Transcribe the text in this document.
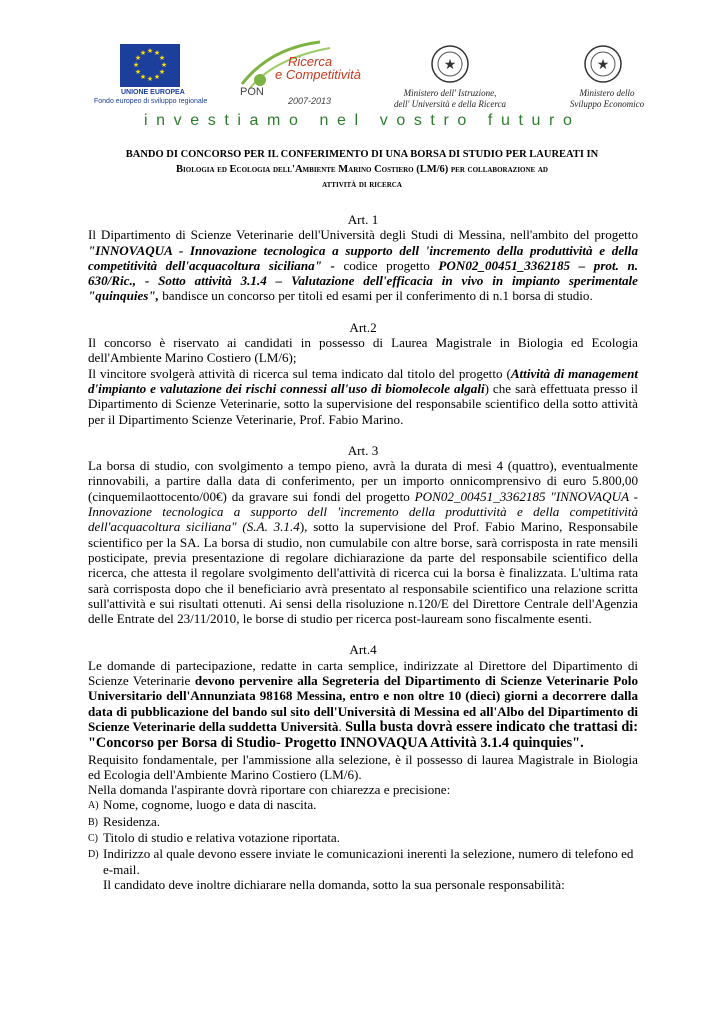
★ ★
★
★
★
★
★
★
★
★
★
★
UNIONE EUROPEA
Fondo europeo di sviluppo regionale
Ricerca
e Competitività
PON
2007-2013
★
Ministero dell' Istruzione,
dell' Università e della Ricerca
★
Ministero dello
Sviluppo Economico
investiamo nel vostro futuro
BANDO DI CONCORSO PER IL CONFERIMENTO DI UNA BORSA DI STUDIO PER LAUREATI IN
Biologia ed Ecologia dell'Ambiente Marino Costiero (LM/6) per collaborazione ad
attività di ricerca

Art. 1

Il Dipartimento di Scienze Veterinarie dell'Università degli Studi di Messina, nell'ambito del progetto "INNOVAQUA - Innovazione tecnologica a supporto dell 'incremento della produttività e della competitività dell'acquacoltura siciliana" - codice progetto PON02_00451_3362185 – prot. n. 630/Ric., - Sotto attività 3.1.4 – Valutazione dell'efficacia in vivo in impianto sperimentale "quinquies", bandisce un concorso per titoli ed esami per il conferimento di n.1 borsa di studio.

Art.2

Il concorso è riservato ai candidati in possesso di Laurea Magistrale in Biologia ed Ecologia dell'Ambiente Marino Costiero (LM/6);

Il vincitore svolgerà attività di ricerca sul tema indicato dal titolo del progetto (Attività di management d'impianto e valutazione dei rischi connessi all'uso di biomolecole algali) che sarà effettuata presso il Dipartimento di Scienze Veterinarie, sotto la supervisione del responsabile scientifico della sotto attività per il Dipartimento Scienze Veterinarie, Prof. Fabio Marino.

Art. 3

La borsa di studio, con svolgimento a tempo pieno, avrà la durata di mesi 4 (quattro), eventualmente rinnovabili, a partire dalla data di conferimento, per un importo onnicomprensivo di euro 5.800,00 (cinquemilaottocento/00€) da gravare sui fondi del progetto PON02_00451_3362185 "INNOVAQUA - Innovazione tecnologica a supporto dell 'incremento della produttività e della competitività dell'acquacoltura siciliana" (S.A. 3.1.4), sotto la supervisione del Prof. Fabio Marino, Responsabile scientifico per la SA. La borsa di studio, non cumulabile con altre borse, sarà corrisposta in rate mensili posticipate, previa presentazione di regolare dichiarazione da parte del responsabile scientifico della ricerca, che attesta il regolare svolgimento dell'attività di ricerca cui la borsa è finalizzata. L'ultima rata sarà corrisposta dopo che il beneficiario avrà presentato al responsabile scientifico una relazione scritta sull'attività e sui risultati ottenuti. Ai sensi della risoluzione n.120/E del Direttore Centrale dell'Agenzia delle Entrate del 23/11/2010, le borse di studio per ricerca post-lauream sono fiscalmente esenti.

Art.4

Le domande di partecipazione, redatte in carta semplice, indirizzate al Direttore del Dipartimento di Scienze Veterinarie devono pervenire alla Segreteria del Dipartimento di Scienze Veterinarie Polo Universitario dell'Annunziata 98168 Messina, entro e non oltre 10 (dieci) giorni a decorrere dalla data di pubblicazione del bando sul sito dell'Università di Messina ed all'Albo del Dipartimento di Scienze Veterinarie della suddetta Università. Sulla busta dovrà essere indicato che trattasi di: "Concorso per Borsa di Studio- Progetto INNOVAQUA Attività 3.1.4 quinquies".

Requisito fondamentale, per l'ammissione alla selezione, è il possesso di laurea Magistrale in Biologia ed Ecologia dell'Ambiente Marino Costiero (LM/6).

Nella domanda l'aspirante dovrà riportare con chiarezza e precisione:

A) Nome, cognome, luogo e data di nascita.
B) Residenza.
C) Titolo di studio e relativa votazione riportata.
D) Indirizzo al quale devono essere inviate le comunicazioni inerenti la selezione, numero di telefono ed e-mail.

Il candidato deve inoltre dichiarare nella domanda, sotto la sua personale responsabilità:
